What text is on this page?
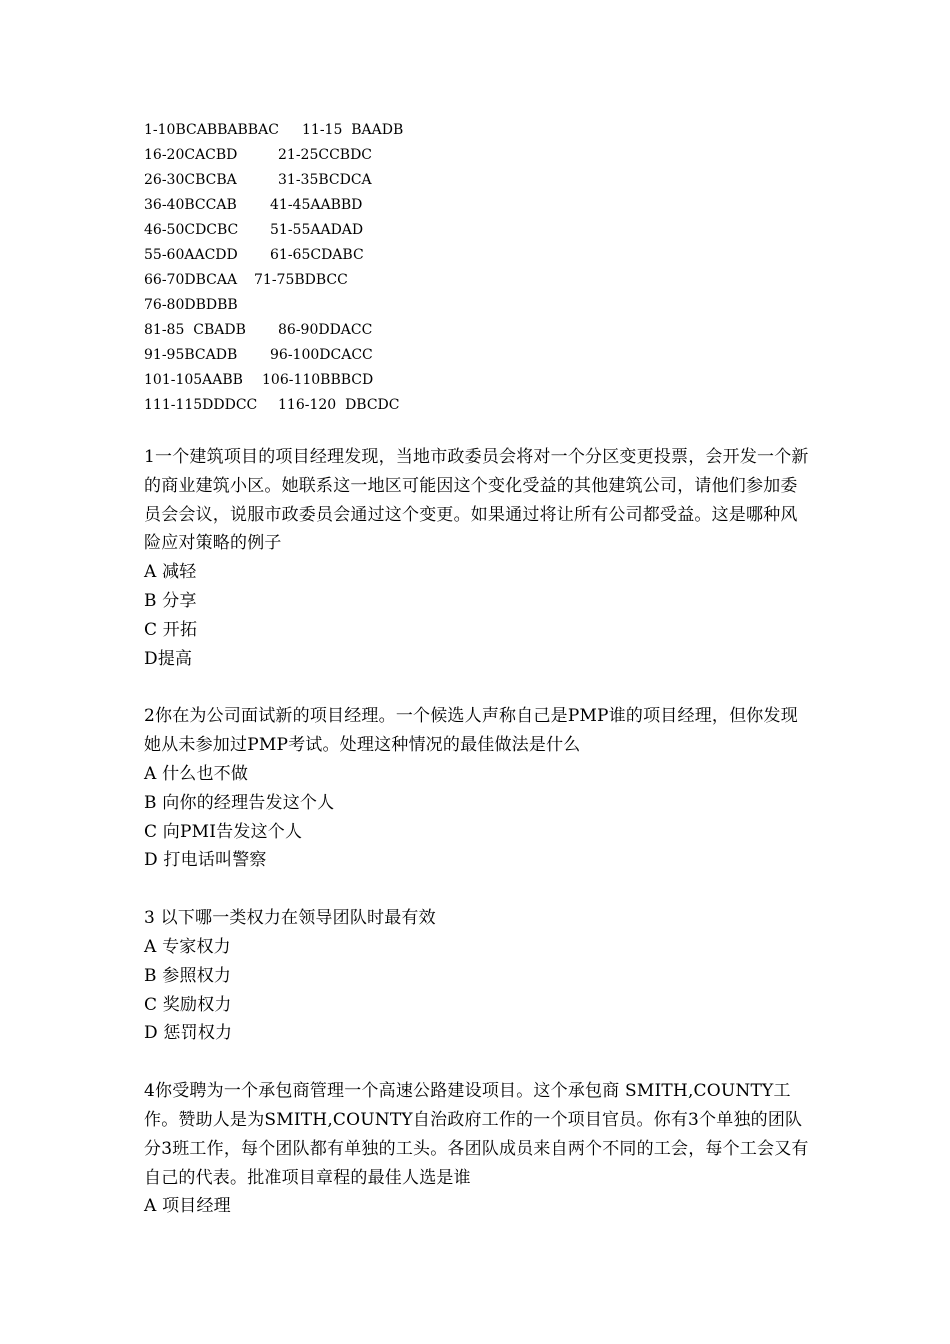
1-10BCABBABBAC

11-15  BAADB

16-20CACBD

	21-25CCBDC

26-30CBCBA

	31-35BCDCA

36-40BCCAB

41-45AABBD

46-50CDCBC

51-55AADAD

55-60AACDD

61-65CDABC

66-70DBCAA

71-75BDBCC

76-80DBDBB

81-85  CBADB

86-90DDACC

91-95BCADB

96-100DCACC

101-105AABB

106-110BBBCD

111-115DDDCC

116-120  DBCDC

1一个建筑项目的项目经理发现，当地市政委员会将对一个分区变更投票，会开发一个新的商业建筑小区。她联系这一地区可能因这个变化受益的其他建筑公司，请他们参加委员会会议，说服市政委员会通过这个变更。如果通过将让所有公司都受益。这是哪种风险应对策略的例子
A 减轻
B 分享
C 开拓
D提高
2你在为公司面试新的项目经理。一个候选人声称自己是PMP谁的项目经理，但你发现她从未参加过PMP考试。处理这种情况的最佳做法是什么
A 什么也不做
B 向你的经理告发这个人
C 向PMI告发这个人
D 打电话叫警察
3 以下哪一类权力在领导团队时最有效
A 专家权力
B 参照权力
C 奖励权力
D 惩罚权力
4你受聘为一个承包商管理一个高速公路建设项目。这个承包商 SMITH,COUNTY工作。赞助人是为SMITH,COUNTY自治政府工作的一个项目官员。你有3个单独的团队分3班工作，每个团队都有单独的工头。各团队成员来自两个不同的工会，每个工会又有自己的代表。批准项目章程的最佳人选是谁
A 项目经理
